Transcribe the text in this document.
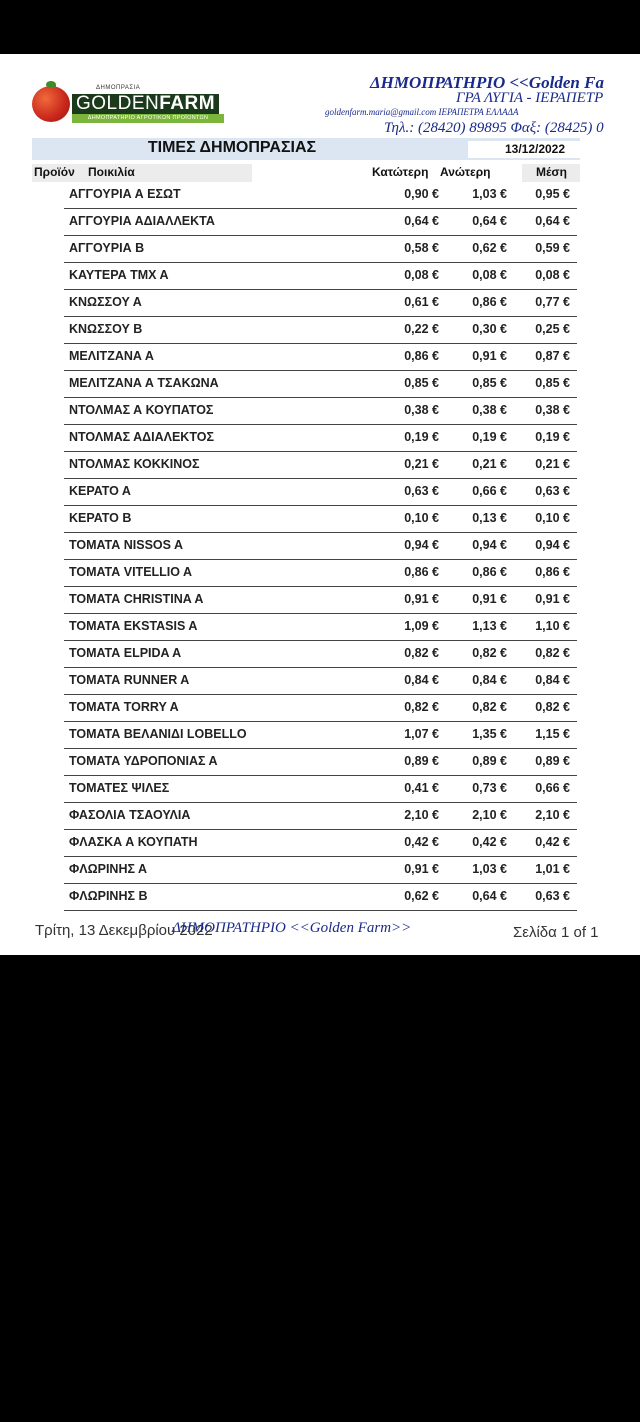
ΔΗΜΟΠΡΑΣΙΑ
GOLDENFARM
ΔΗΜΟΠΡΑΤΗΡΙΟ ΑΓΡΟΤΙΚΩΝ ΠΡΟΪΟΝΤΩΝ
ΔΗΜΟΠΡΑΤΗΡΙΟ <<Golden Fa
ΓΡΑ ΛΥΓΙΑ - ΙΕΡΑΠΕΤΡ
goldenfarm.maria@gmail.com ΙΕΡΑΠΕΤΡΑ ΕΛΛΑΔΑ
Τηλ.: (28420) 89895 Φαξ: (28425) 0
ΤΙΜΕΣ ΔΗΜΟΠΡΑΣΙΑΣ	13/12/2022
Προϊόν Ποικιλία	Κατώτερη Ανώτερη	Μέση
ΑΓΓΟΥΡΙΑ Α ΕΣΩΤ	0,90 €	1,03 €	0,95 €
ΑΓΓΟΥΡΙΑ ΑΔΙΑΛΛΕΚΤΑ	0,64 €	0,64 €	0,64 €
ΑΓΓΟΥΡΙΑ Β	0,58 €	0,62 €	0,59 €
ΚΑΥΤΕΡΑ ΤΜΧ Α	0,08 €	0,08 €	0,08 €
ΚΝΩΣΣΟΥ Α	0,61 €	0,86 €	0,77 €
ΚΝΩΣΣΟΥ Β	0,22 €	0,30 €	0,25 €
ΜΕΛΙΤΖΑΝΑ Α	0,86 €	0,91 €	0,87 €
ΜΕΛΙΤΖΑΝΑ Α ΤΣΑΚΩΝΑ	0,85 €	0,85 €	0,85 €
ΝΤΟΛΜΑΣ Α ΚΟΥΠΑΤΟΣ	0,38 €	0,38 €	0,38 €
ΝΤΟΛΜΑΣ ΑΔΙΑΛΕΚΤΟΣ	0,19 €	0,19 €	0,19 €
ΝΤΟΛΜΑΣ ΚΟΚΚΙΝΟΣ	0,21 €	0,21 €	0,21 €
ΚΕΡΑΤΟ Α	0,63 €	0,66 €	0,63 €
ΚΕΡΑΤΟ Β	0,10 €	0,13 €	0,10 €
ΤΟΜΑΤΑ NISSOS A	0,94 €	0,94 €	0,94 €
ΤΟΜΑΤΑ VITELLIO A	0,86 €	0,86 €	0,86 €
ΤΟΜΑΤΑ CHRISTINA A	0,91 €	0,91 €	0,91 €
ΤΟΜΑΤΑ EKSTASIS A	1,09 €	1,13 €	1,10 €
ΤΟΜΑΤΑ ELPIDA A	0,82 €	0,82 €	0,82 €
ΤΟΜΑΤΑ RUNNER A	0,84 €	0,84 €	0,84 €
ΤΟΜΑΤΑ TORRY A	0,82 €	0,82 €	0,82 €
ΤΟΜΑΤΑ ΒΕΛΑΝΙΔΙ LOBELLO	1,07 €	1,35 €	1,15 €
ΤΟΜΑΤΑ ΥΔΡΟΠΟΝΙΑΣ Α	0,89 €	0,89 €	0,89 €
ΤΟΜΑΤΕΣ ΨΙΛΕΣ	0,41 €	0,73 €	0,66 €
ΦΑΣΟΛΙΑ ΤΣΑΟΥΛΙΑ	2,10 €	2,10 €	2,10 €
ΦΛΑΣΚΑ Α ΚΟΥΠΑΤΗ	0,42 €	0,42 €	0,42 €
ΦΛΩΡΙΝΗΣ Α	0,91 €	1,03 €	1,01 €
ΦΛΩΡΙΝΗΣ Β	0,62 €	0,64 €	0,63 €
Τρίτη, 13 Δεκεμβρίου 2022
ΔΗΜΟΠΡΑΤΗΡΙΟ <<Golden Farm>>	Σελίδα 1 of 1
